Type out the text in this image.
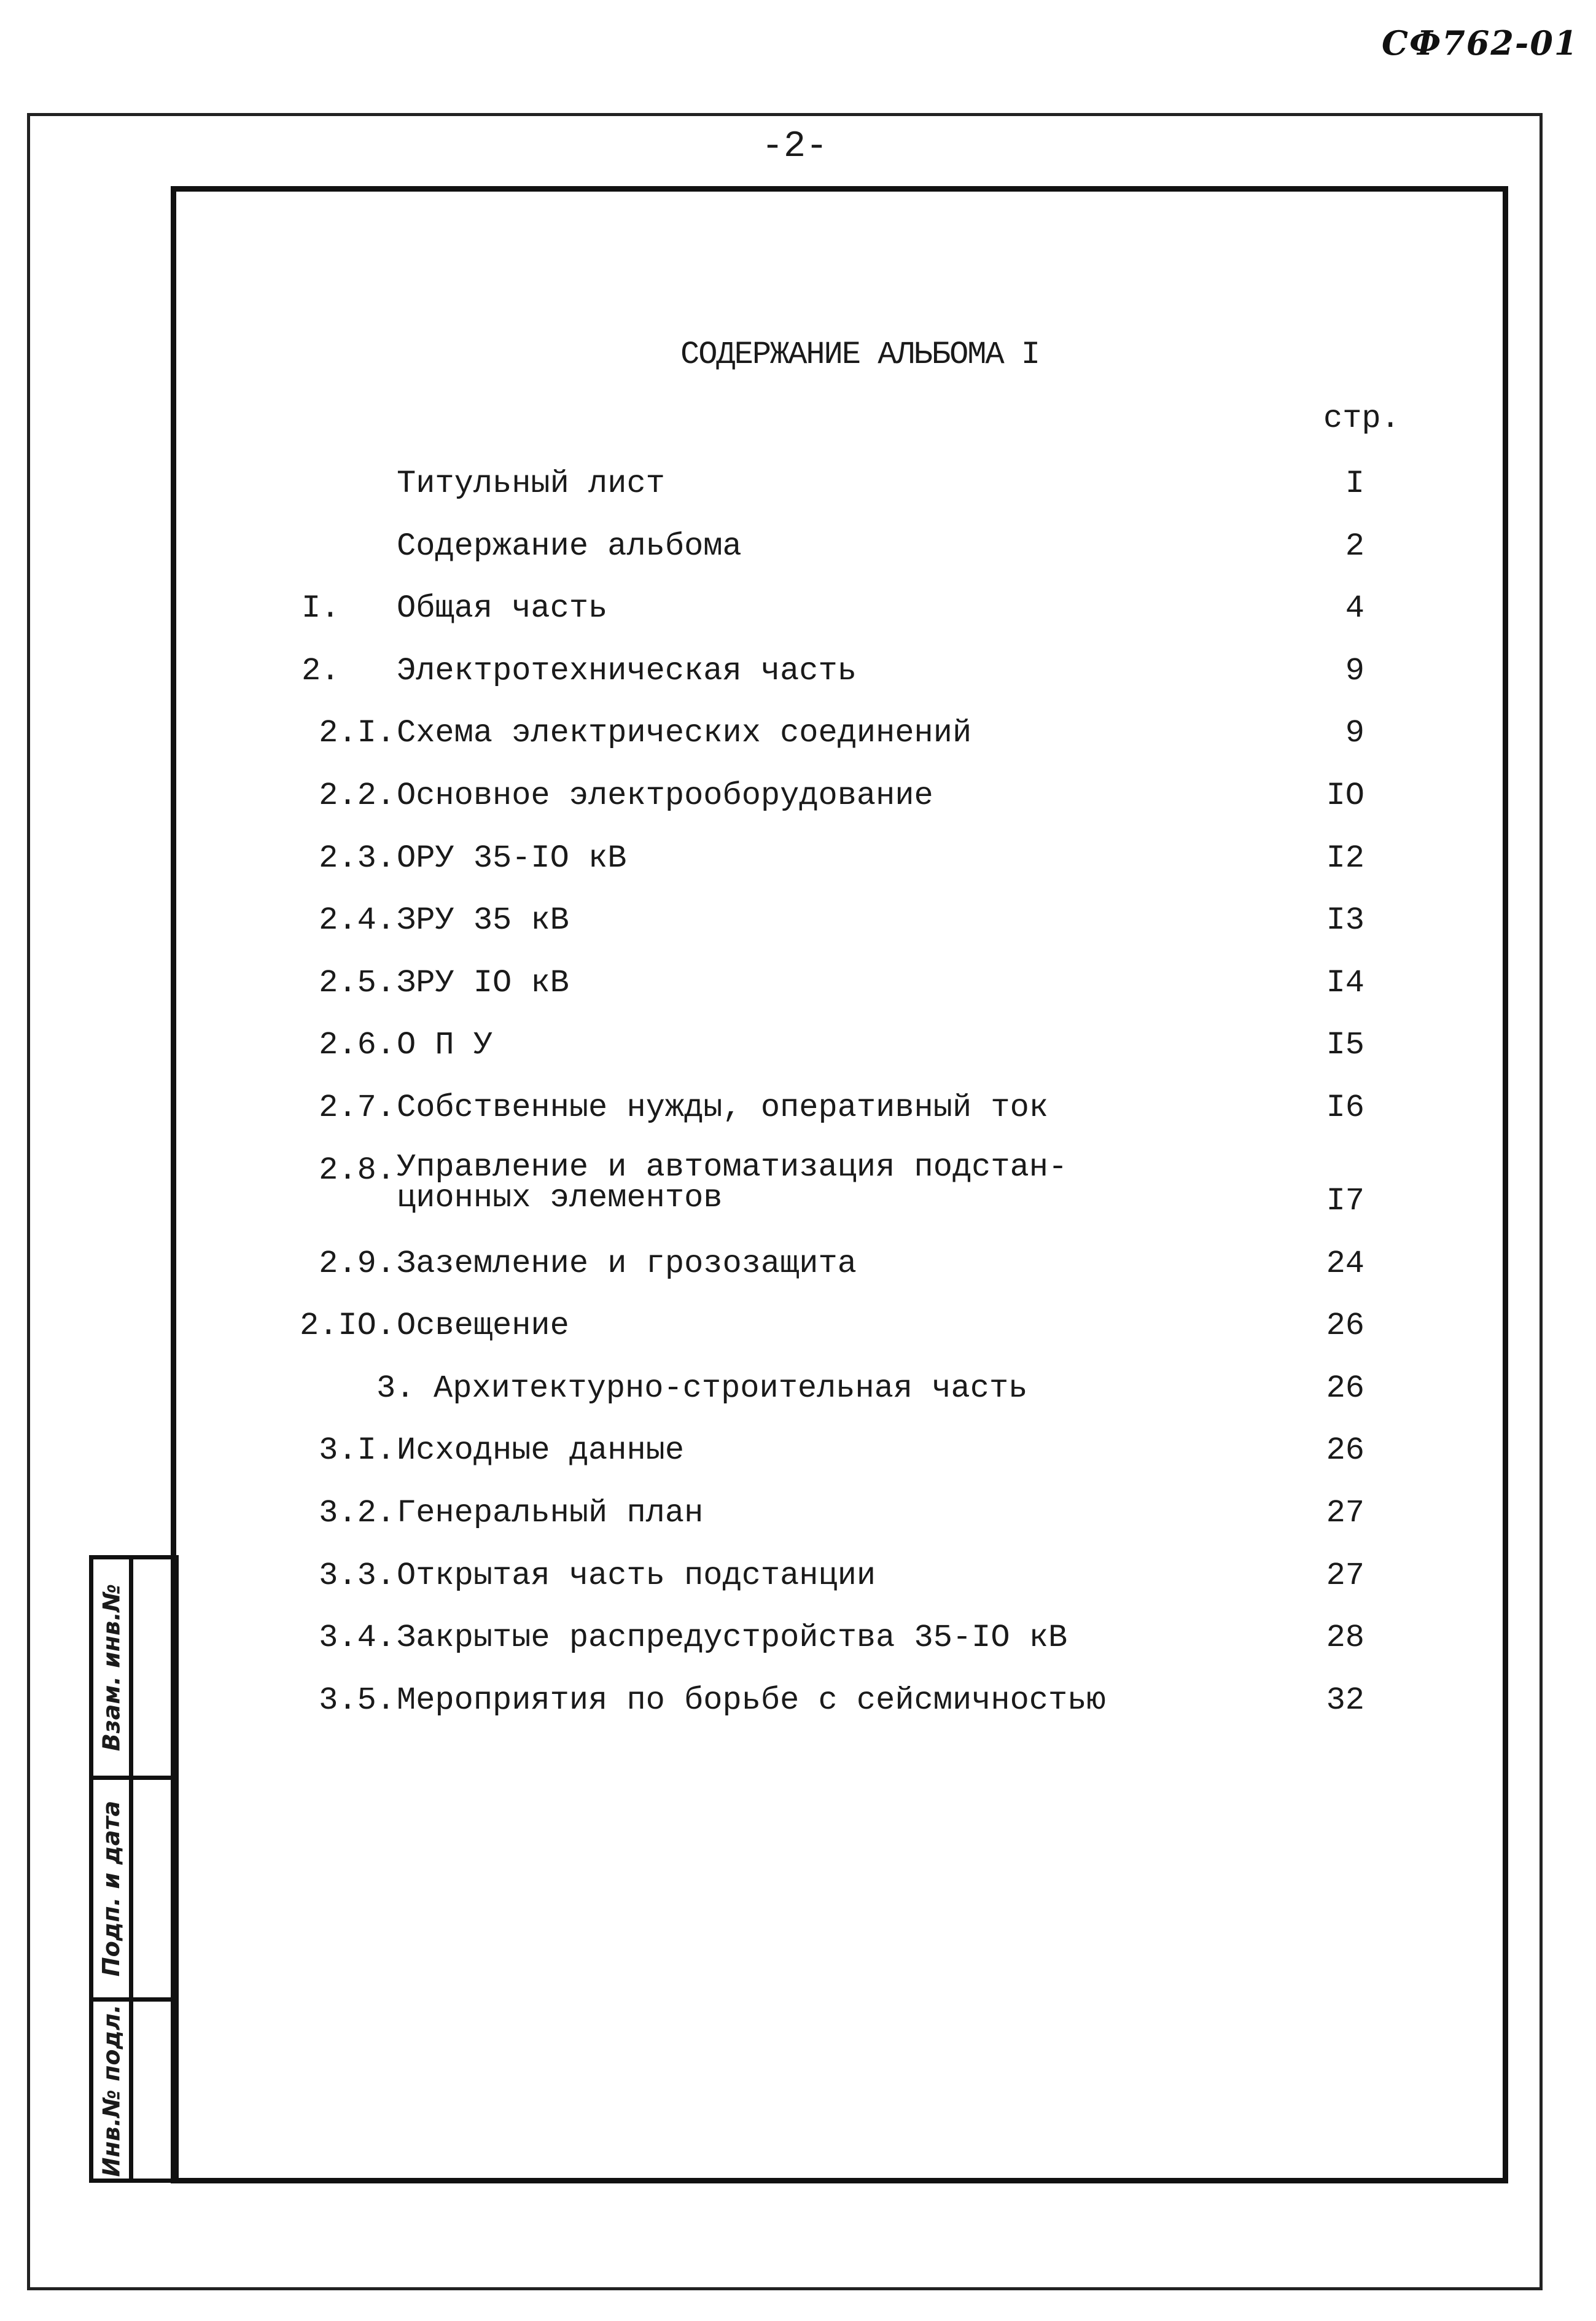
СФ762-01
-2-
СОДЕРЖАНИЕ АЛЬБОМА I
стр.
Титульный лист	I
Содержание альбома	2
I.	Общая часть	4
2.	Электротехническая часть	9
2.I. Схема электрических соединений	9
2.2. Основное электрооборудование	IO
2.3. ОРУ 35-IO кВ	I2
2.4. ЗРУ 35 кВ	I3
2.5. ЗРУ IO кВ	I4
2.6. О П У	I5
2.7. Собственные нужды, оперативный ток	I6
2.8. Управление и автоматизация подстан-
ционных элементов	I7
2.9. Заземление и грозозащита	24
2.IO. Освещение	26
3. Архитектурно-строительная часть	26
3.I. Исходные данные	26
3.2. Генеральный план	27
3.3. Открытая часть подстанции	27
3.4. Закрытые распредустройства 35-IO кВ	28
3.5. Мероприятия по борьбе с сейсмичностью	32
Взам. инв.№
Подп. и дата
Инв.№ подл.
